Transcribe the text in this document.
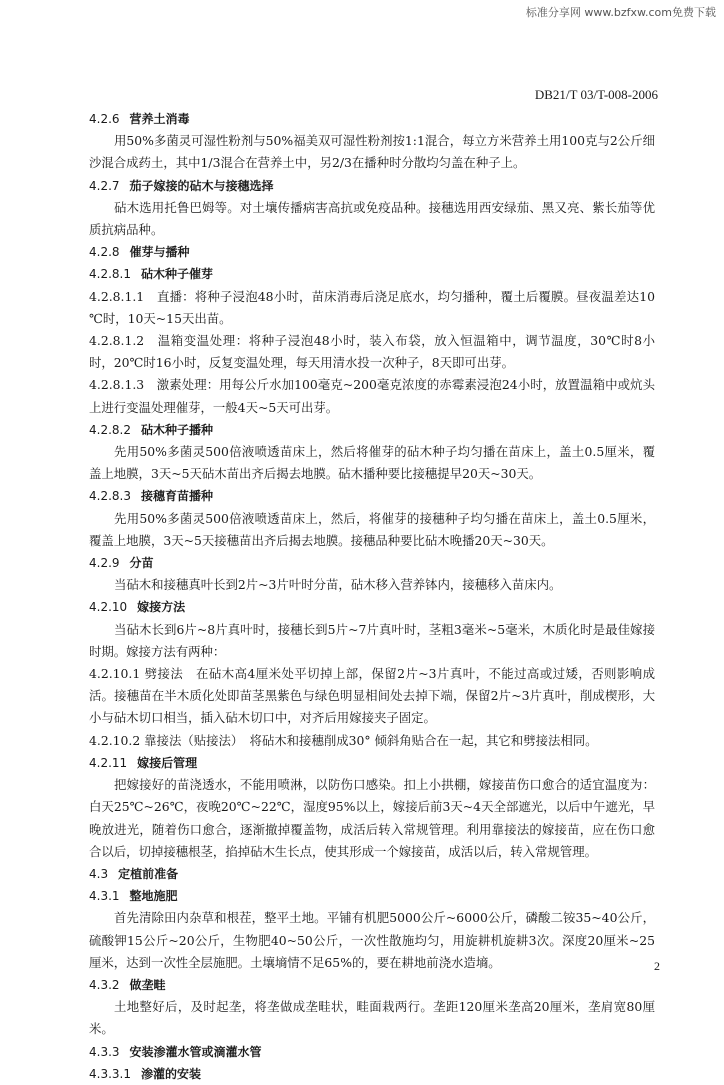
标准分享网 www.bzfxw.com免费下载
DB21/T 03/T-008-2006
4.2.6 营养土消毒
用50%多菌灵可湿性粉剂与50%福美双可湿性粉剂按1:1混合，每立方米营养土用100克与2公斤细沙混合成药土，其中1/3混合在营养土中，另2/3在播种时分散均匀盖在种子上。
4.2.7 茄子嫁接的砧木与接穗选择
砧木选用托鲁巴姆等。对土壤传播病害高抗或免疫品种。接穗选用西安绿茄、黑又亮、紫长茄等优质抗病品种。
4.2.8 催芽与播种
4.2.8.1 砧木种子催芽
4.2.8.1.1　直播：将种子浸泡48小时，苗床消毒后浇足底水，均匀播种，覆土后覆膜。昼夜温差达10 ℃时，10天~15天出苗。
4.2.8.1.2　温箱变温处理：将种子浸泡48小时，装入布袋，放入恒温箱中，调节温度，30℃时8小时，20℃时16小时，反复变温处理，每天用清水投一次种子，8天即可出芽。
4.2.8.1.3　激素处理：用每公斤水加100毫克~200毫克浓度的赤霉素浸泡24小时，放置温箱中或炕头上进行变温处理催芽，一般4天~5天可出芽。
4.2.8.2 砧木种子播种
先用50%多菌灵500倍液喷透苗床上，然后将催芽的砧木种子均匀播在苗床上，盖土0.5厘米，覆盖上地膜，3天~5天砧木苗出齐后揭去地膜。砧木播种要比接穗提早20天~30天。
4.2.8.3 接穗育苗播种
先用50%多菌灵500倍液喷透苗床上，然后，将催芽的接穗种子均匀播在苗床上，盖土0.5厘米，覆盖上地膜，3天~5天接穗苗出齐后揭去地膜。接穗品种要比砧木晚播20天~30天。
4.2.9 分苗
当砧木和接穗真叶长到2片~3片叶时分苗，砧木移入营养钵内，接穗移入苗床内。
4.2.10 嫁接方法
当砧木长到6片~8片真叶时，接穗长到5片~7片真叶时，茎粗3毫米~5毫米，木质化时是最佳嫁接时期。嫁接方法有两种：
4.2.10.1 劈接法　在砧木高4厘米处平切掉上部，保留2片~3片真叶，不能过高或过矮，否则影响成活。接穗苗在半木质化处即苗茎黑紫色与绿色明显相间处去掉下端，保留2片~3片真叶，削成楔形，大小与砧木切口相当，插入砧木切口中，对齐后用嫁接夹子固定。
4.2.10.2 靠接法（贴接法）　将砧木和接穗削成30° 倾斜角贴合在一起，其它和劈接法相同。
4.2.11 嫁接后管理
把嫁接好的苗浇透水，不能用喷淋，以防伤口感染。扣上小拱棚，嫁接苗伤口愈合的适宜温度为：白天25℃~26℃，夜晚20℃~22℃，湿度95%以上，嫁接后前3天~4天全部遮光，以后中午遮光，早晚放进光，随着伤口愈合，逐渐撤掉覆盖物，成活后转入常规管理。利用靠接法的嫁接苗，应在伤口愈合以后，切掉接穗根茎，掐掉砧木生长点，使其形成一个嫁接苗，成活以后，转入常规管理。
4.3 定植前准备
4.3.1 整地施肥
首先清除田内杂草和根茬，整平土地。平铺有机肥5000公斤~6000公斤，磷酸二铵35~40公斤，硫酸钾15公斤~20公斤，生物肥40~50公斤，一次性散施均匀，用旋耕机旋耕3次。深度20厘米~25厘米，达到一次性全层施肥。土壤墒情不足65%的，要在耕地前浇水造墒。
4.3.2 做垄畦
土地整好后，及时起垄，将垄做成垄畦状，畦面栽两行。垄距120厘米垄高20厘米，垄肩宽80厘米。
4.3.3 安装渗灌水管或滴灌水管
4.3.3.1 渗灌的安装
2
